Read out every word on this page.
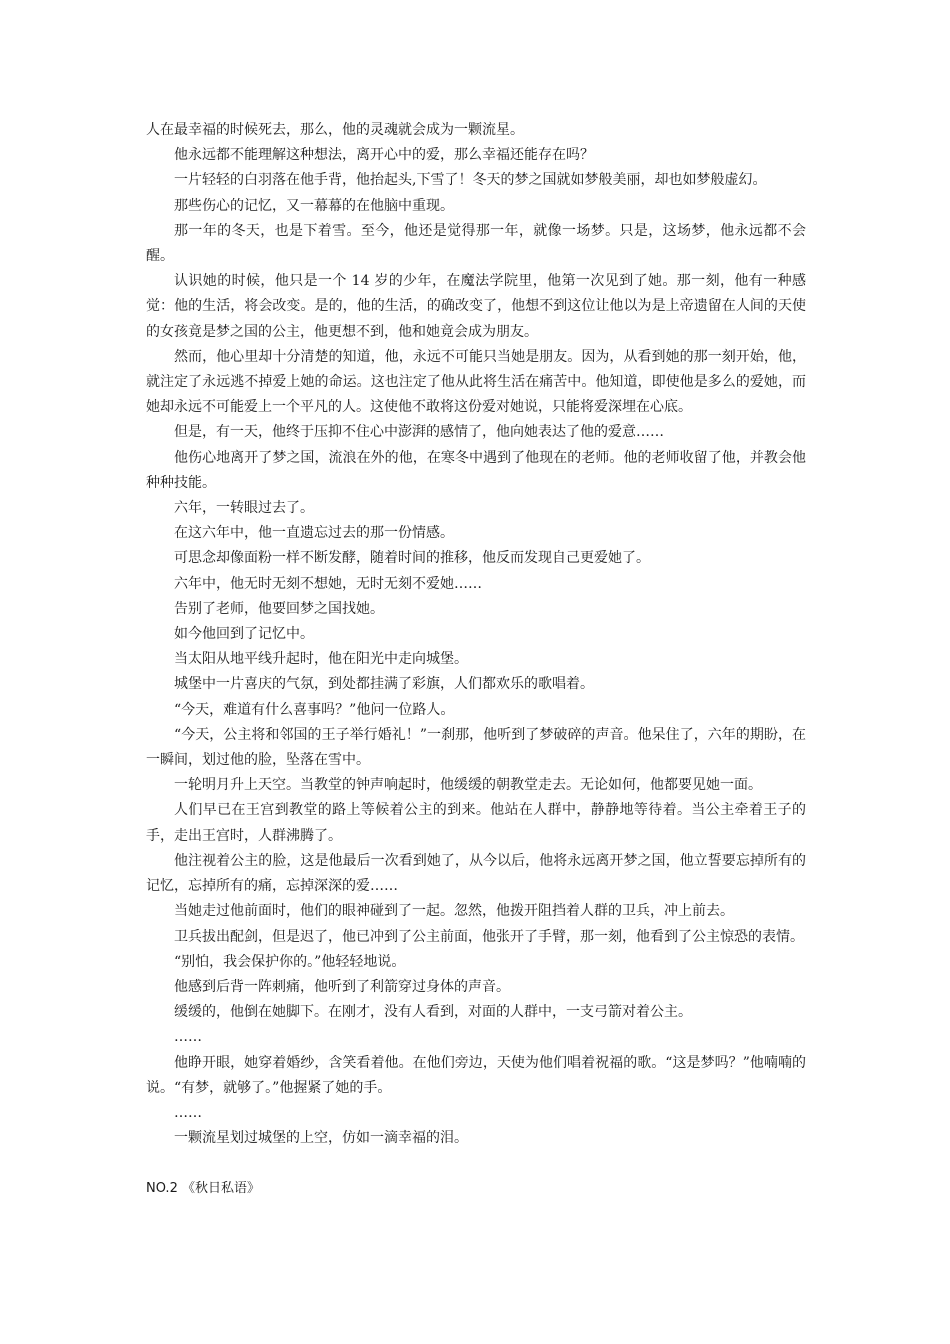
人在最幸福的时候死去，那么，他的灵魂就会成为一颗流星。

他永远都不能理解这种想法，离开心中的爱，那么幸福还能存在吗？

一片轻轻的白羽落在他手背，他抬起头,下雪了！冬天的梦之国就如梦般美丽，却也如梦般虚幻。

那些伤心的记忆，又一幕幕的在他脑中重现。

那一年的冬天，也是下着雪。至今，他还是觉得那一年，就像一场梦。只是，这场梦，他永远都不会醒。

认识她的时候，他只是一个 14 岁的少年，在魔法学院里，他第一次见到了她。那一刻，他有一种感觉：他的生活，将会改变。是的，他的生活，的确改变了，他想不到这位让他以为是上帝遗留在人间的天使的女孩竟是梦之国的公主，他更想不到，他和她竟会成为朋友。

然而，他心里却十分清楚的知道，他，永远不可能只当她是朋友。因为，从看到她的那一刻开始，他，就注定了永远逃不掉爱上她的命运。这也注定了他从此将生活在痛苦中。他知道，即使他是多么的爱她，而她却永远不可能爱上一个平凡的人。这使他不敢将这份爱对她说，只能将爱深埋在心底。

但是，有一天，他终于压抑不住心中澎湃的感情了，他向她表达了他的爱意……

他伤心地离开了梦之国，流浪在外的他，在寒冬中遇到了他现在的老师。他的老师收留了他，并教会他种种技能。

六年，一转眼过去了。

在这六年中，他一直遗忘过去的那一份情感。

可思念却像面粉一样不断发酵，随着时间的推移，他反而发现自己更爱她了。

六年中，他无时无刻不想她，无时无刻不爱她……

告别了老师，他要回梦之国找她。

如今他回到了记忆中。

当太阳从地平线升起时，他在阳光中走向城堡。

城堡中一片喜庆的气氛，到处都挂满了彩旗，人们都欢乐的歌唱着。

“今天，难道有什么喜事吗？”他问一位路人。

“今天，公主将和邻国的王子举行婚礼！”一刹那，他听到了梦破碎的声音。他呆住了，六年的期盼，在一瞬间，划过他的脸，坠落在雪中。

一轮明月升上天空。当教堂的钟声响起时，他缓缓的朝教堂走去。无论如何，他都要见她一面。

人们早已在王宫到教堂的路上等候着公主的到来。他站在人群中，静静地等待着。当公主牵着王子的手，走出王宫时，人群沸腾了。

他注视着公主的脸，这是他最后一次看到她了，从今以后，他将永远离开梦之国，他立誓要忘掉所有的记忆，忘掉所有的痛，忘掉深深的爱……

当她走过他前面时，他们的眼神碰到了一起。忽然，他拨开阻挡着人群的卫兵，冲上前去。

卫兵拔出配剑，但是迟了，他已冲到了公主前面，他张开了手臂，那一刻，他看到了公主惊恐的表情。

“别怕，我会保护你的。”他轻轻地说。

他感到后背一阵刺痛，他听到了利箭穿过身体的声音。

缓缓的，他倒在她脚下。在刚才，没有人看到，对面的人群中，一支弓箭对着公主。

……

他睁开眼，她穿着婚纱，含笑看着他。在他们旁边，天使为他们唱着祝福的歌。“这是梦吗？”他喃喃的说。“有梦，就够了。”他握紧了她的手。

……

一颗流星划过城堡的上空，仿如一滴幸福的泪。

NO.2 《秋日私语》
